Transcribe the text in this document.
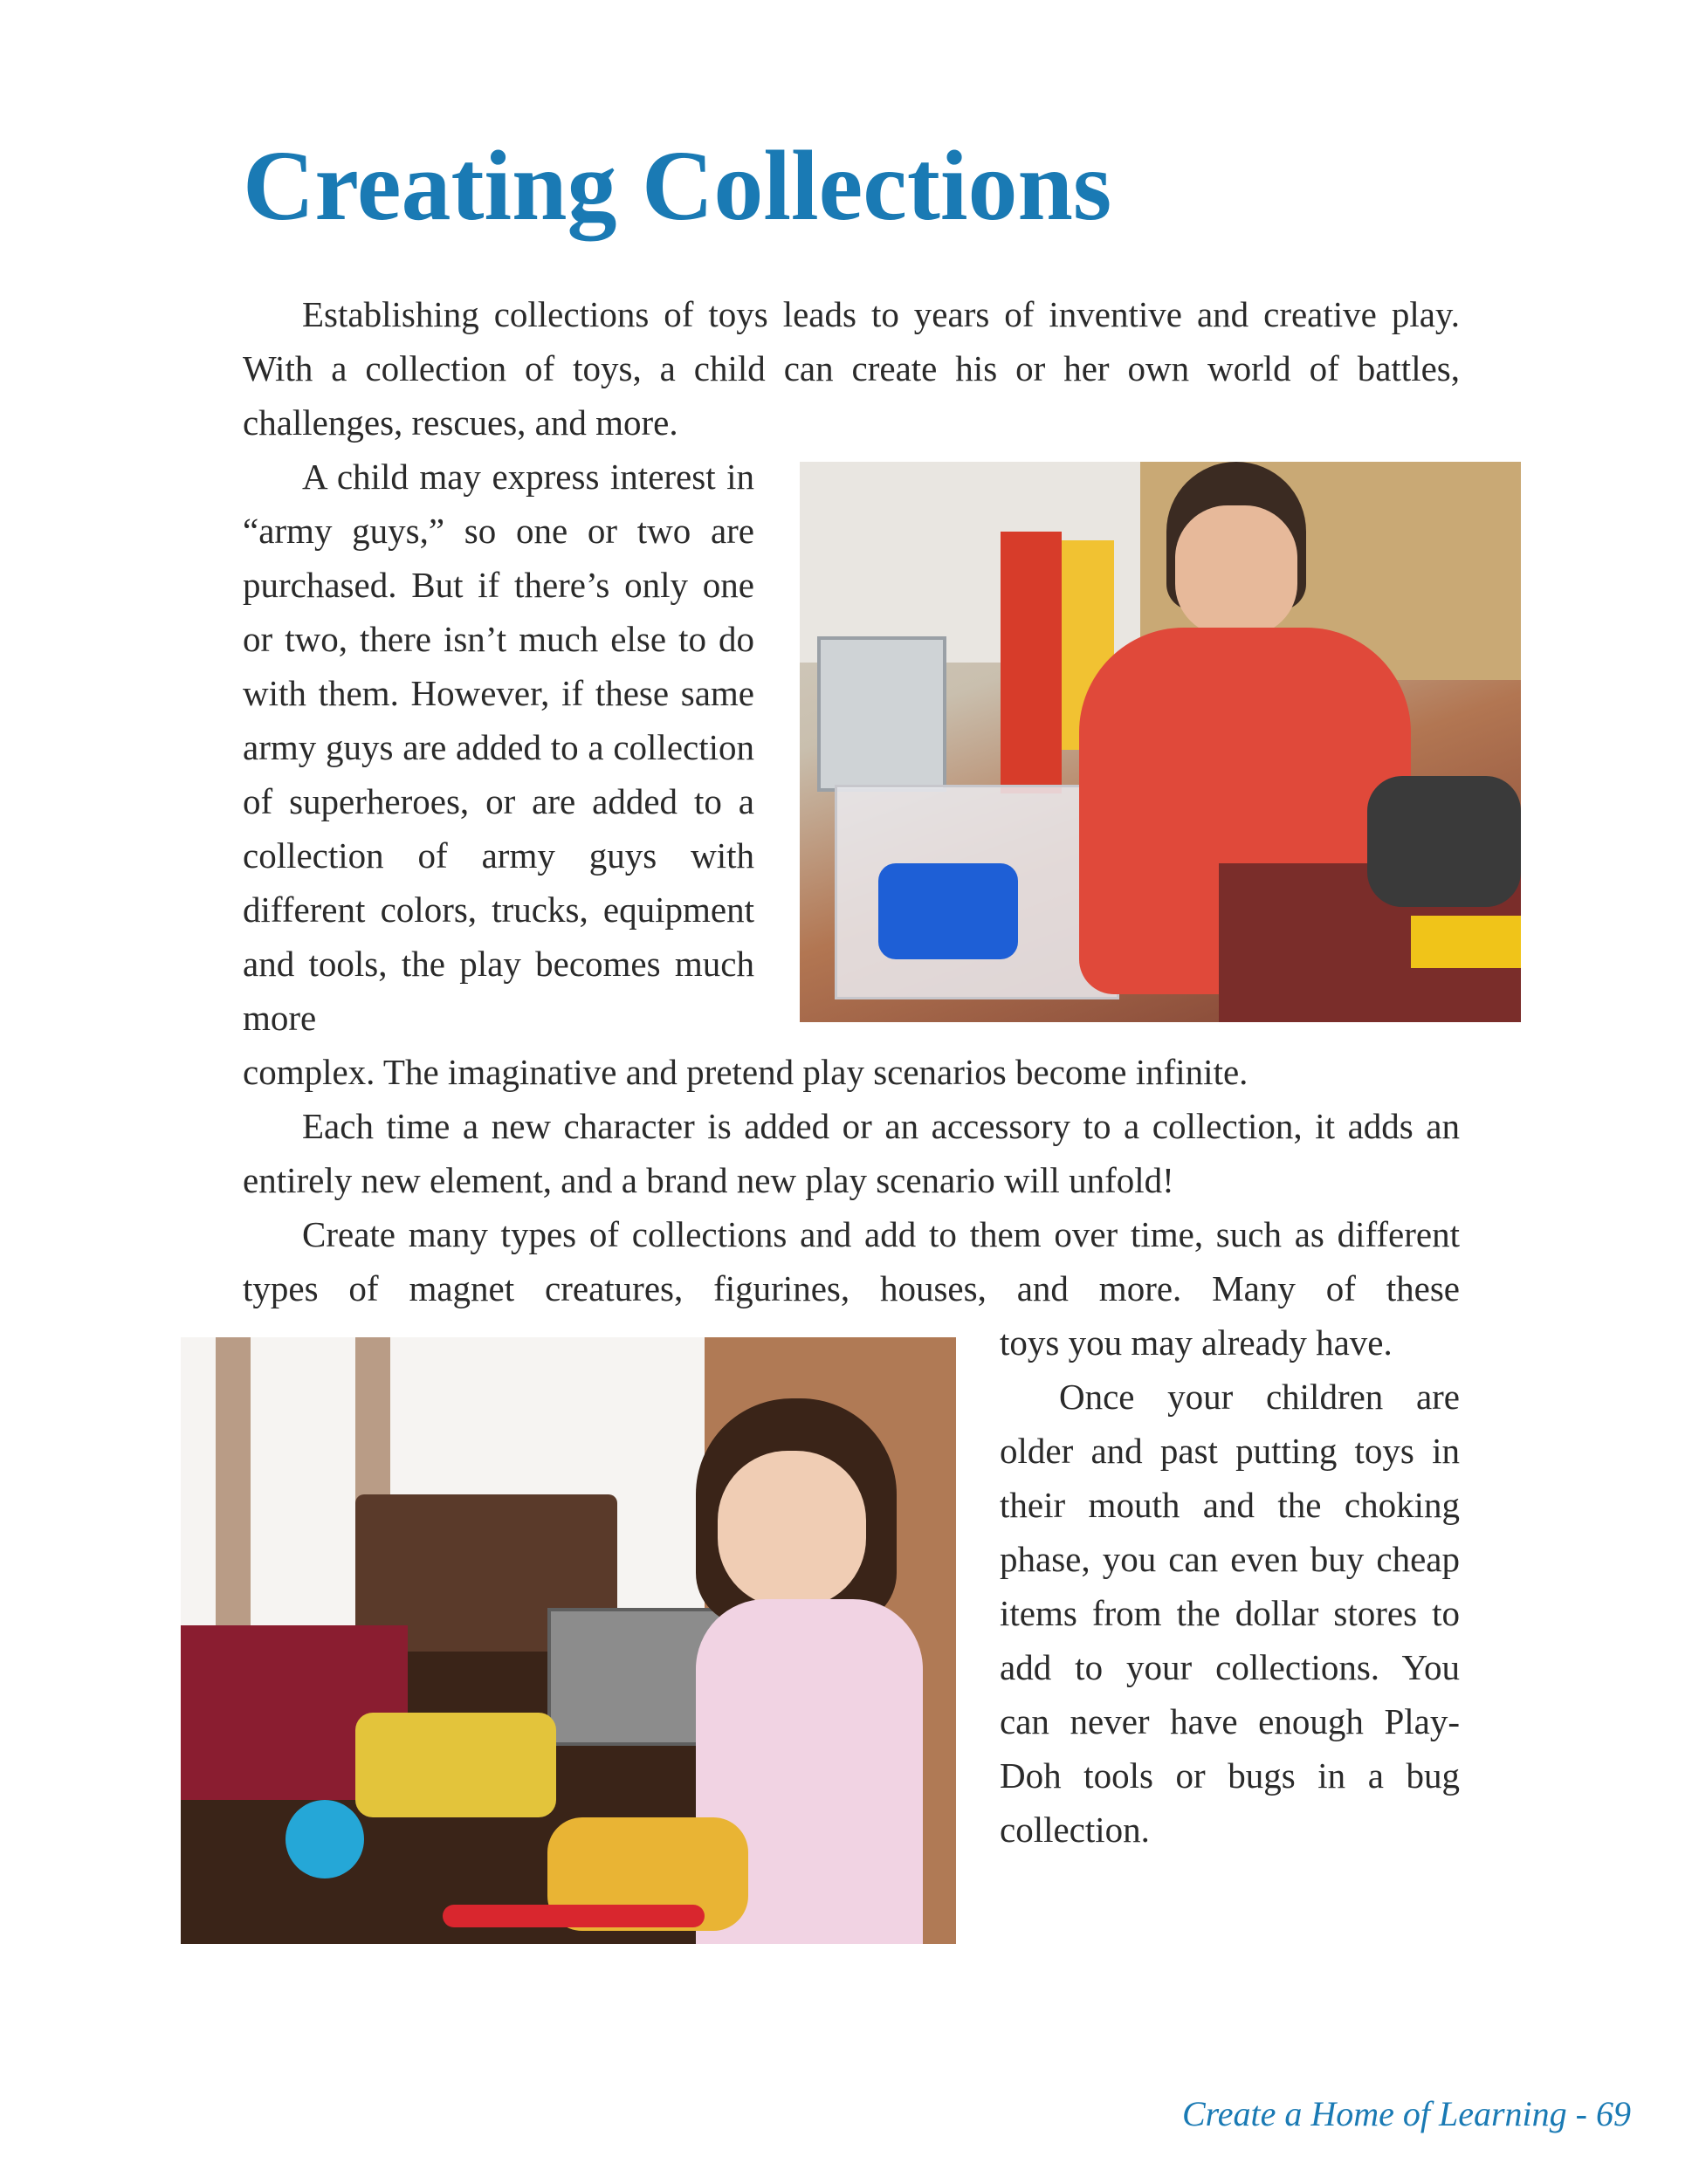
Creating Collections

Establishing collections of toys leads to years of inventive and creative play. With a collection of toys, a child can create his or her own world of battles, challenges, rescues, and more.

A child may express interest in “army guys,” so one or two are purchased. But if there’s only one or two, there isn’t much else to do with them. However, if these same army guys are added to a collection of superheroes, or are added to a collection of army guys with different colors, trucks, equipment and tools, the play becomes much more

complex. The imaginative and pretend play scenarios become infinite.

Each time a new character is added or an accessory to a collection, it adds an entirely new element, and a brand new play scenario will unfold!

Create many types of collections and add to them over time, such as different types of magnet creatures, figurines, houses, and more. Many of these

toys you may already have.

Once your children are older and past putting toys in their mouth and the choking phase, you can even buy cheap items from the dollar stores to add to your collections. You can never have enough Play-Doh tools or bugs in a bug collection.

Create a Home of Learning - 69
